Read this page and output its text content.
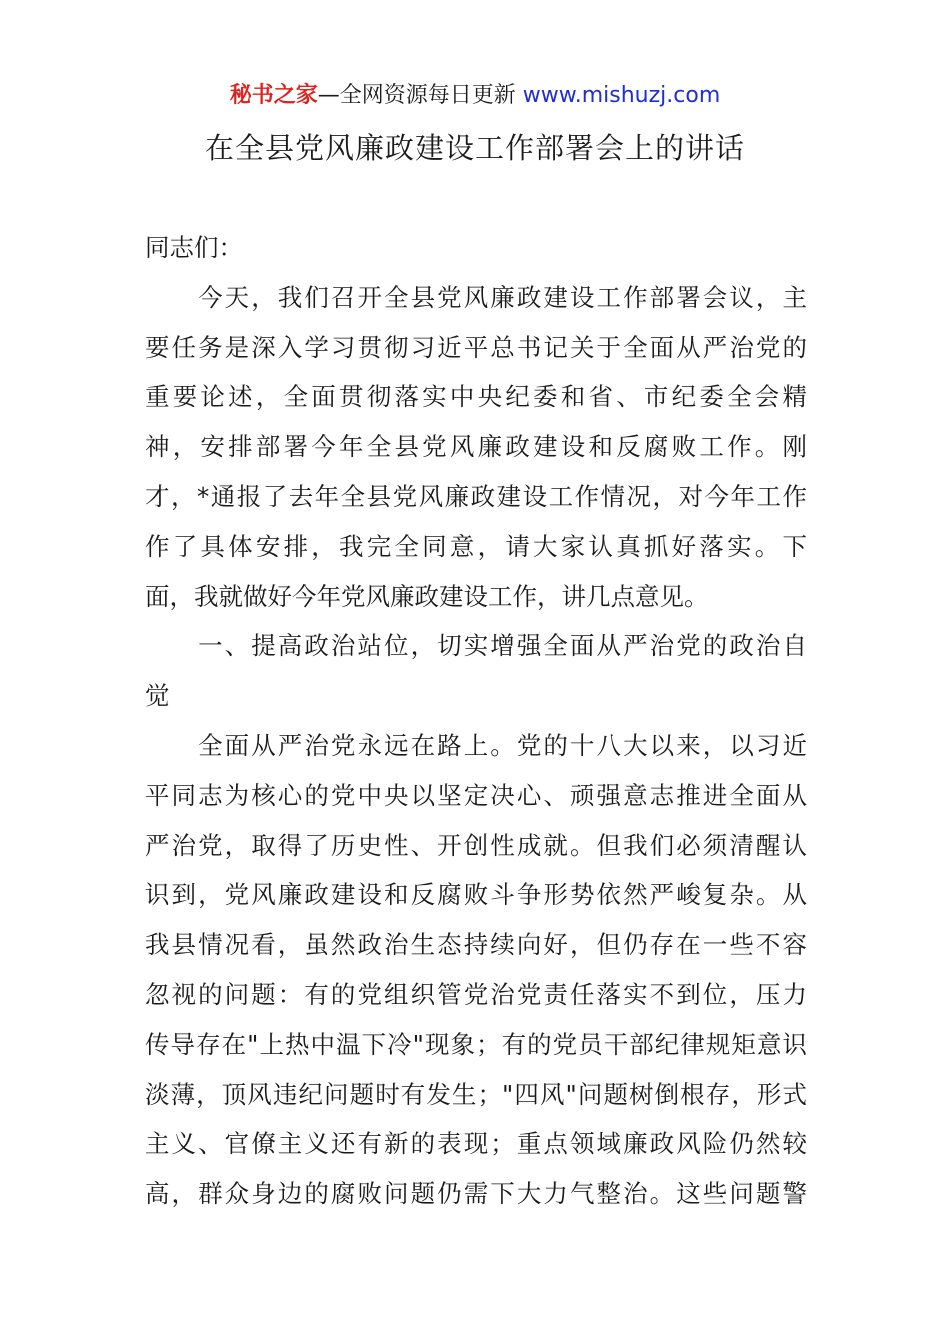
秘书之家—全网资源每日更新 www.mishuzj.com
在全县党风廉政建设工作部署会上的讲话
同志们：
　　今天，我们召开全县党风廉政建设工作部署会议，主
要任务是深入学习贯彻习近平总书记关于全面从严治党的
重要论述，全面贯彻落实中央纪委和省、市纪委全会精
神，安排部署今年全县党风廉政建设和反腐败工作。刚
才，*通报了去年全县党风廉政建设工作情况，对今年工作
作了具体安排，我完全同意，请大家认真抓好落实。下
面，我就做好今年党风廉政建设工作，讲几点意见。
　　一、提高政治站位，切实增强全面从严治党的政治自
觉
　　全面从严治党永远在路上。党的十八大以来，以习近
平同志为核心的党中央以坚定决心、顽强意志推进全面从
严治党，取得了历史性、开创性成就。但我们必须清醒认
识到，党风廉政建设和反腐败斗争形势依然严峻复杂。从
我县情况看，虽然政治生态持续向好，但仍存在一些不容
忽视的问题：有的党组织管党治党责任落实不到位，压力
传导存在"上热中温下冷"现象；有的党员干部纪律规矩意识
淡薄，顶风违纪问题时有发生；"四风"问题树倒根存，形式
主义、官僚主义还有新的表现；重点领域廉政风险仍然较
高，群众身边的腐败问题仍需下大力气整治。这些问题警
